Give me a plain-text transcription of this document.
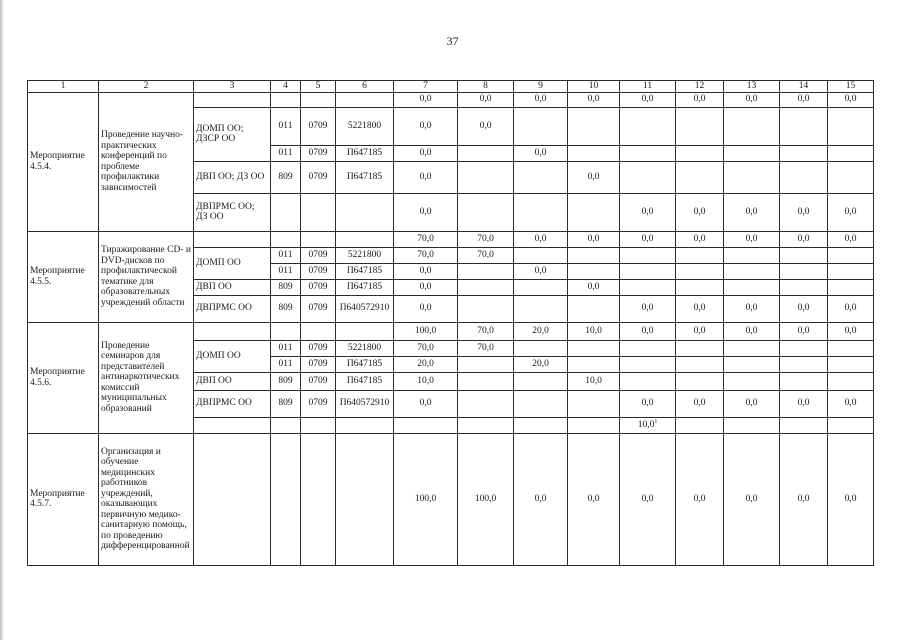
37
1	2	3	4	5	6	7	8	9	10	11	12	13	14	15
Мероприятие 4.5.4.	Проведение научно-практических конференций по проблеме профилактики зависимостей					0,0	0,0	0,0	0,0	0,0	0,0	0,0	0,0	0,0
		ДОМП ОО; ДЗСР ОО	011	0709	5221800	0,0	0,0							
			011	0709	П647185	0,0		0,0						
		ДВП ОО; ДЗ ОО	809	0709	П647185	0,0			0,0					
		ДВПРМС ОО; ДЗ ОО				0,0				0,0	0,0	0,0	0,0	0,0
Мероприятие 4.5.5.	Тиражирование CD- и DVD-дисков по профилактической тематике для образовательных учреждений области					70,0	70,0	0,0	0,0	0,0	0,0	0,0	0,0	0,0
		ДОМП ОО	011	0709	5221800	70,0	70,0							
			011	0709	П647185	0,0		0,0						
		ДВП ОО	809	0709	П647185	0,0			0,0					
		ДВПРМС ОО	809	0709	П640572910	0,0				0,0	0,0	0,0	0,0	0,0
Мероприятие 4.5.6.	Проведение семинаров для представителей антинаркотических комиссий муниципальных образований					100,0	70,0	20,0	10,0	0,0	0,0	0,0	0,0	0,0
		ДОМП ОО	011	0709	5221800	70,0	70,0							
			011	0709	П647185	20,0		20,0						
		ДВП ОО	809	0709	П647185	10,0			10,0					
		ДВПРМС ОО	809	0709	П640572910	0,0				0,0	0,0	0,0	0,0	0,0
										10,0$^1$				
Мероприятие 4.5.7.	Организация и обучение медицинских работников учреждений, оказывающих первичную медико-санитарную помощь, по проведению дифференцированной					100,0	100,0	0,0	0,0	0,0	0,0	0,0	0,0	0,0
